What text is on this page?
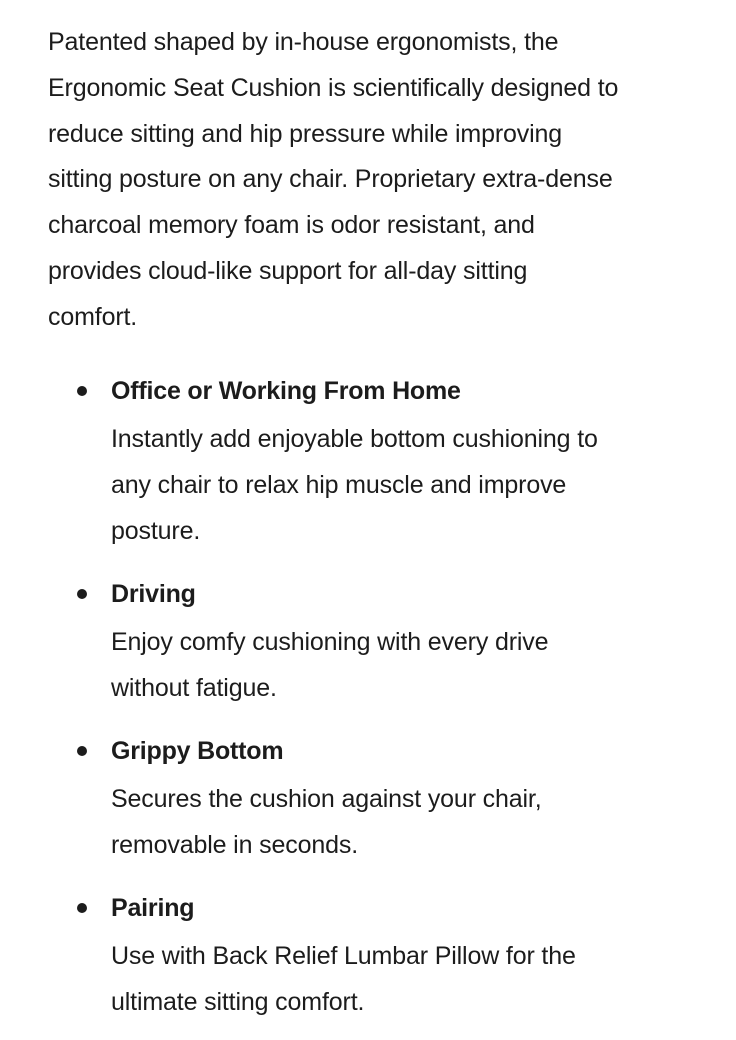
Patented shaped by in-house ergonomists, the
Ergonomic Seat Cushion is scientifically designed to
reduce sitting and hip pressure while improving
sitting posture on any chair. Proprietary extra-dense
charcoal memory foam is odor resistant, and
provides cloud-like support for all-day sitting
comfort.

Office or Working From Home
Instantly add enjoyable bottom cushioning to
any chair to relax hip muscle and improve
posture.
Driving
Enjoy comfy cushioning with every drive
without fatigue.
Grippy Bottom
Secures the cushion against your chair,
removable in seconds.
Pairing
Use with Back Relief Lumbar Pillow for the
ultimate sitting comfort.
